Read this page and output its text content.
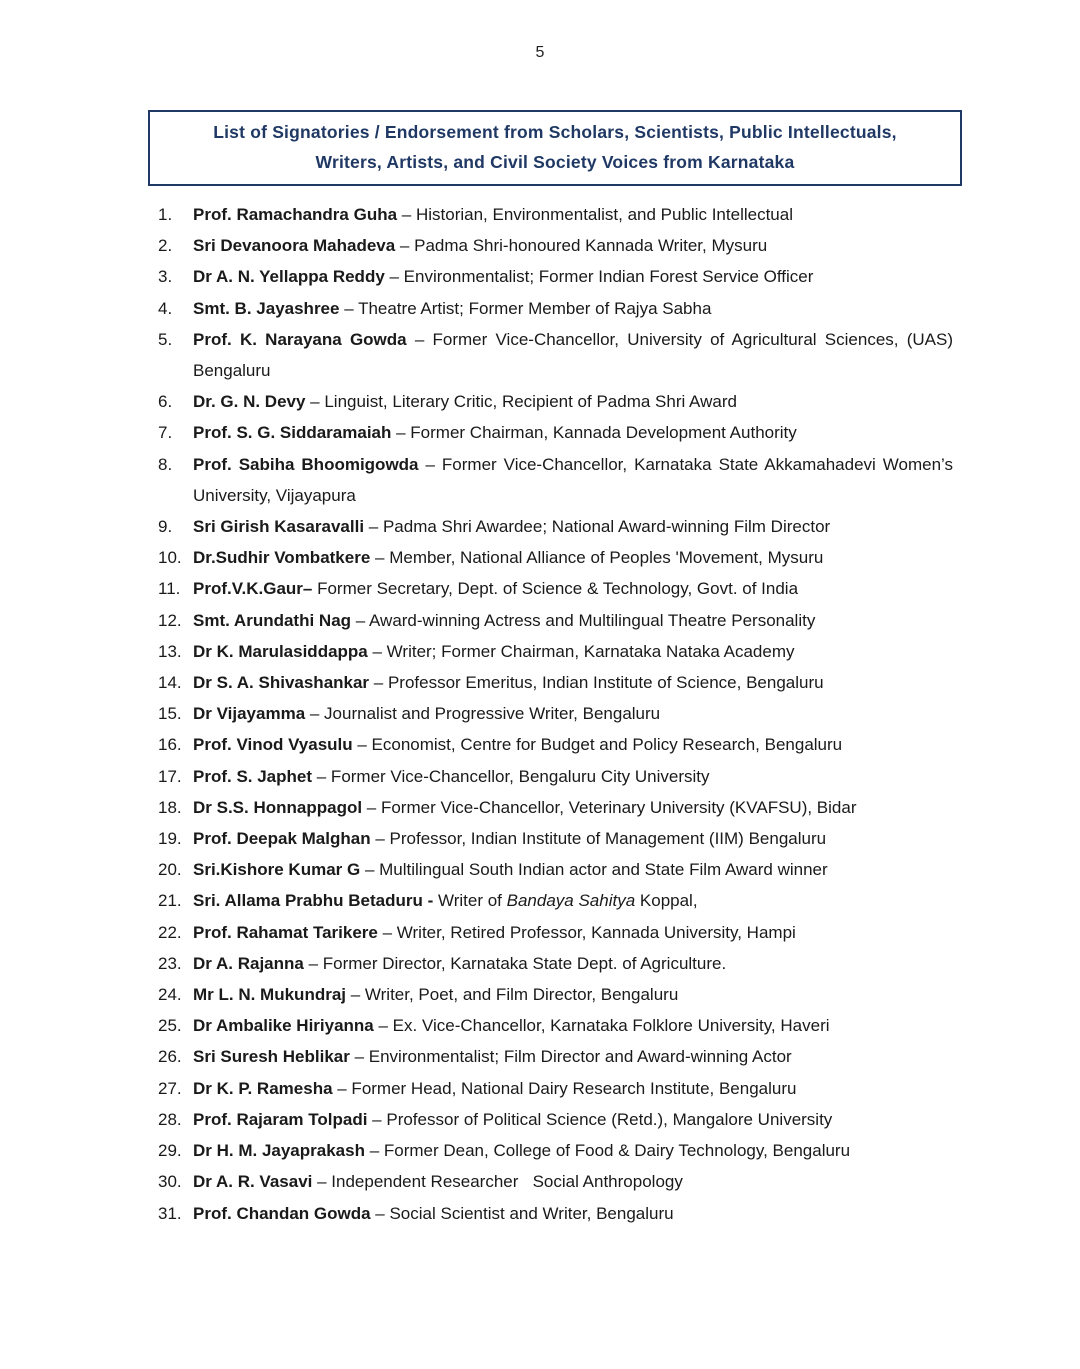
5
List of Signatories / Endorsement from Scholars, Scientists, Public Intellectuals,
Writers, Artists, and Civil Society Voices from Karnataka
1.	Prof. Ramachandra Guha – Historian, Environmentalist, and Public Intellectual
2.	Sri Devanoora Mahadeva – Padma Shri-honoured Kannada Writer, Mysuru
3.	Dr A. N. Yellappa Reddy – Environmentalist; Former Indian Forest Service Officer
4.	Smt. B. Jayashree – Theatre Artist; Former Member of Rajya Sabha
5.	Prof. K. Narayana Gowda – Former Vice-Chancellor, University of Agricultural Sciences, (UAS) Bengaluru
6.	Dr. G. N. Devy – Linguist, Literary Critic, Recipient of Padma Shri Award
7.	Prof. S. G. Siddaramaiah – Former Chairman, Kannada Development Authority
8.	Prof. Sabiha Bhoomigowda – Former Vice-Chancellor, Karnataka State Akkamahadevi Women’s University, Vijayapura
9.	Sri Girish Kasaravalli – Padma Shri Awardee; National Award-winning Film Director
10. Dr.Sudhir Vombatkere – Member, National Alliance of Peoples 'Movement, Mysuru
11. Prof.V.K.Gaur– Former Secretary, Dept. of Science & Technology, Govt. of India
12. Smt. Arundathi Nag – Award-winning Actress and Multilingual Theatre Personality
13. Dr K. Marulasiddappa – Writer; Former Chairman, Karnataka Nataka Academy
14. Dr S. A. Shivashankar – Professor Emeritus, Indian Institute of Science, Bengaluru
15. Dr Vijayamma – Journalist and Progressive Writer, Bengaluru
16. Prof. Vinod Vyasulu – Economist, Centre for Budget and Policy Research, Bengaluru
17. Prof. S. Japhet – Former Vice-Chancellor, Bengaluru City University
18. Dr S.S. Honnappagol – Former Vice-Chancellor, Veterinary University (KVAFSU), Bidar
19. Prof. Deepak Malghan – Professor, Indian Institute of Management (IIM) Bengaluru
20. Sri.Kishore Kumar G – Multilingual South Indian actor and State Film Award winner
21. Sri. Allama Prabhu Betaduru - Writer of Bandaya Sahitya Koppal,
22. Prof. Rahamat Tarikere – Writer, Retired Professor, Kannada University, Hampi
23. Dr A. Rajanna – Former Director, Karnataka State Dept. of Agriculture.
24. Mr L. N. Mukundraj – Writer, Poet, and Film Director, Bengaluru
25. Dr Ambalike Hiriyanna – Ex. Vice-Chancellor, Karnataka Folklore University, Haveri
26. Sri Suresh Heblikar – Environmentalist; Film Director and Award-winning Actor
27. Dr K. P. Ramesha – Former Head, National Dairy Research Institute, Bengaluru
28. Prof. Rajaram Tolpadi – Professor of Political Science (Retd.), Mangalore University
29. Dr H. M. Jayaprakash – Former Dean, College of Food & Dairy Technology, Bengaluru
30. Dr A. R. Vasavi – Independent Researcher   Social Anthropology
31. Prof. Chandan Gowda – Social Scientist and Writer, Bengaluru
